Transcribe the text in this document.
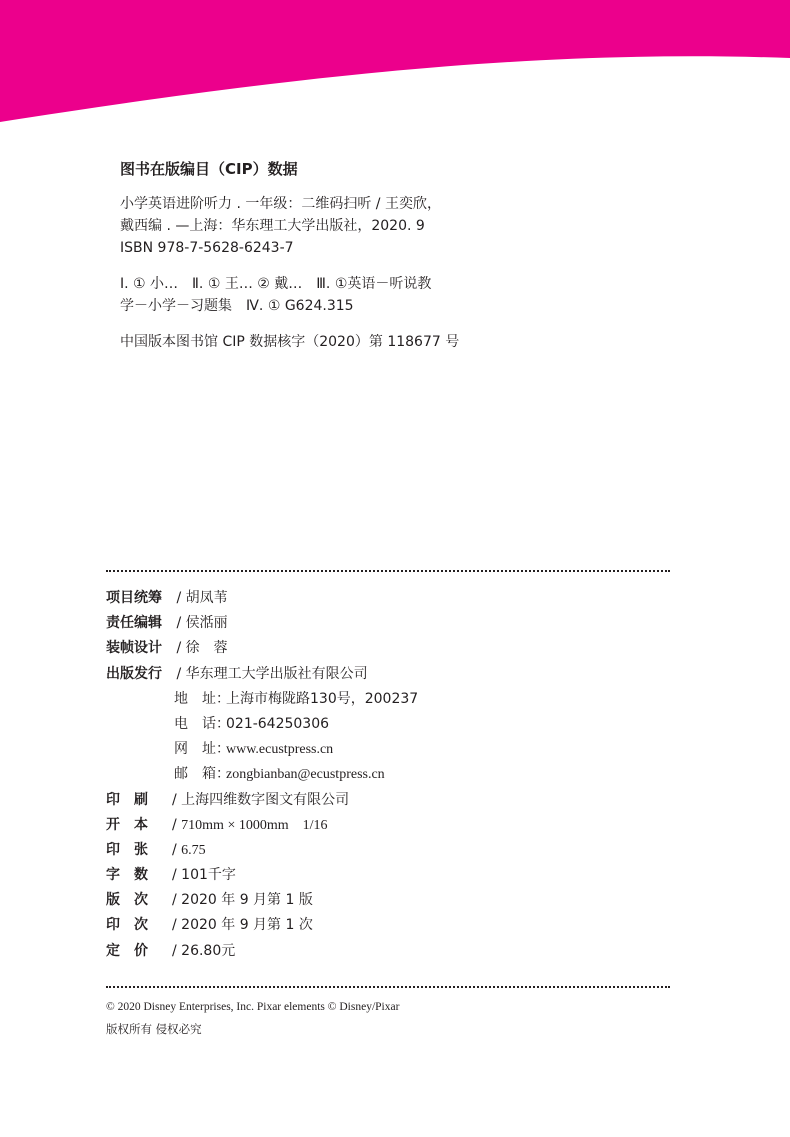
图书在版编目（CIP）数据

小学英语进阶听力 . 一年级：二维码扫听 / 王奕欣，

戴西编 . —上海：华东理工大学出版社，2020. 9

ISBN 978-7-5628-6243-7

Ⅰ. ① 小…　Ⅱ. ① 王… ② 戴…　Ⅲ. ①英语－听说教

学－小学－习题集　Ⅳ. ① G624.315

中国版本图书馆 CIP 数据核字（2020）第 118677 号

项目统筹 / 胡凤苇
责任编辑 / 侯湉丽
装帧设计 / 徐　蓉
出版发行 / 华东理工大学出版社有限公司
地　址：上海市梅陇路130号，200237
电　话：021-64250306
网　址：www.ecustpress.cn
邮　箱：zongbianban@ecustpress.cn
印　刷 / 上海四维数字图文有限公司
开　本 / 710mm × 1000mm　1/16
印　张 / 6.75
字　数 / 101千字
版　次 / 2020 年 9 月第 1 版
印　次 / 2020 年 9 月第 1 次
定　价 / 26.80元
© 2020 Disney Enterprises, Inc. Pixar elements © Disney/Pixar
版权所有 侵权必究
